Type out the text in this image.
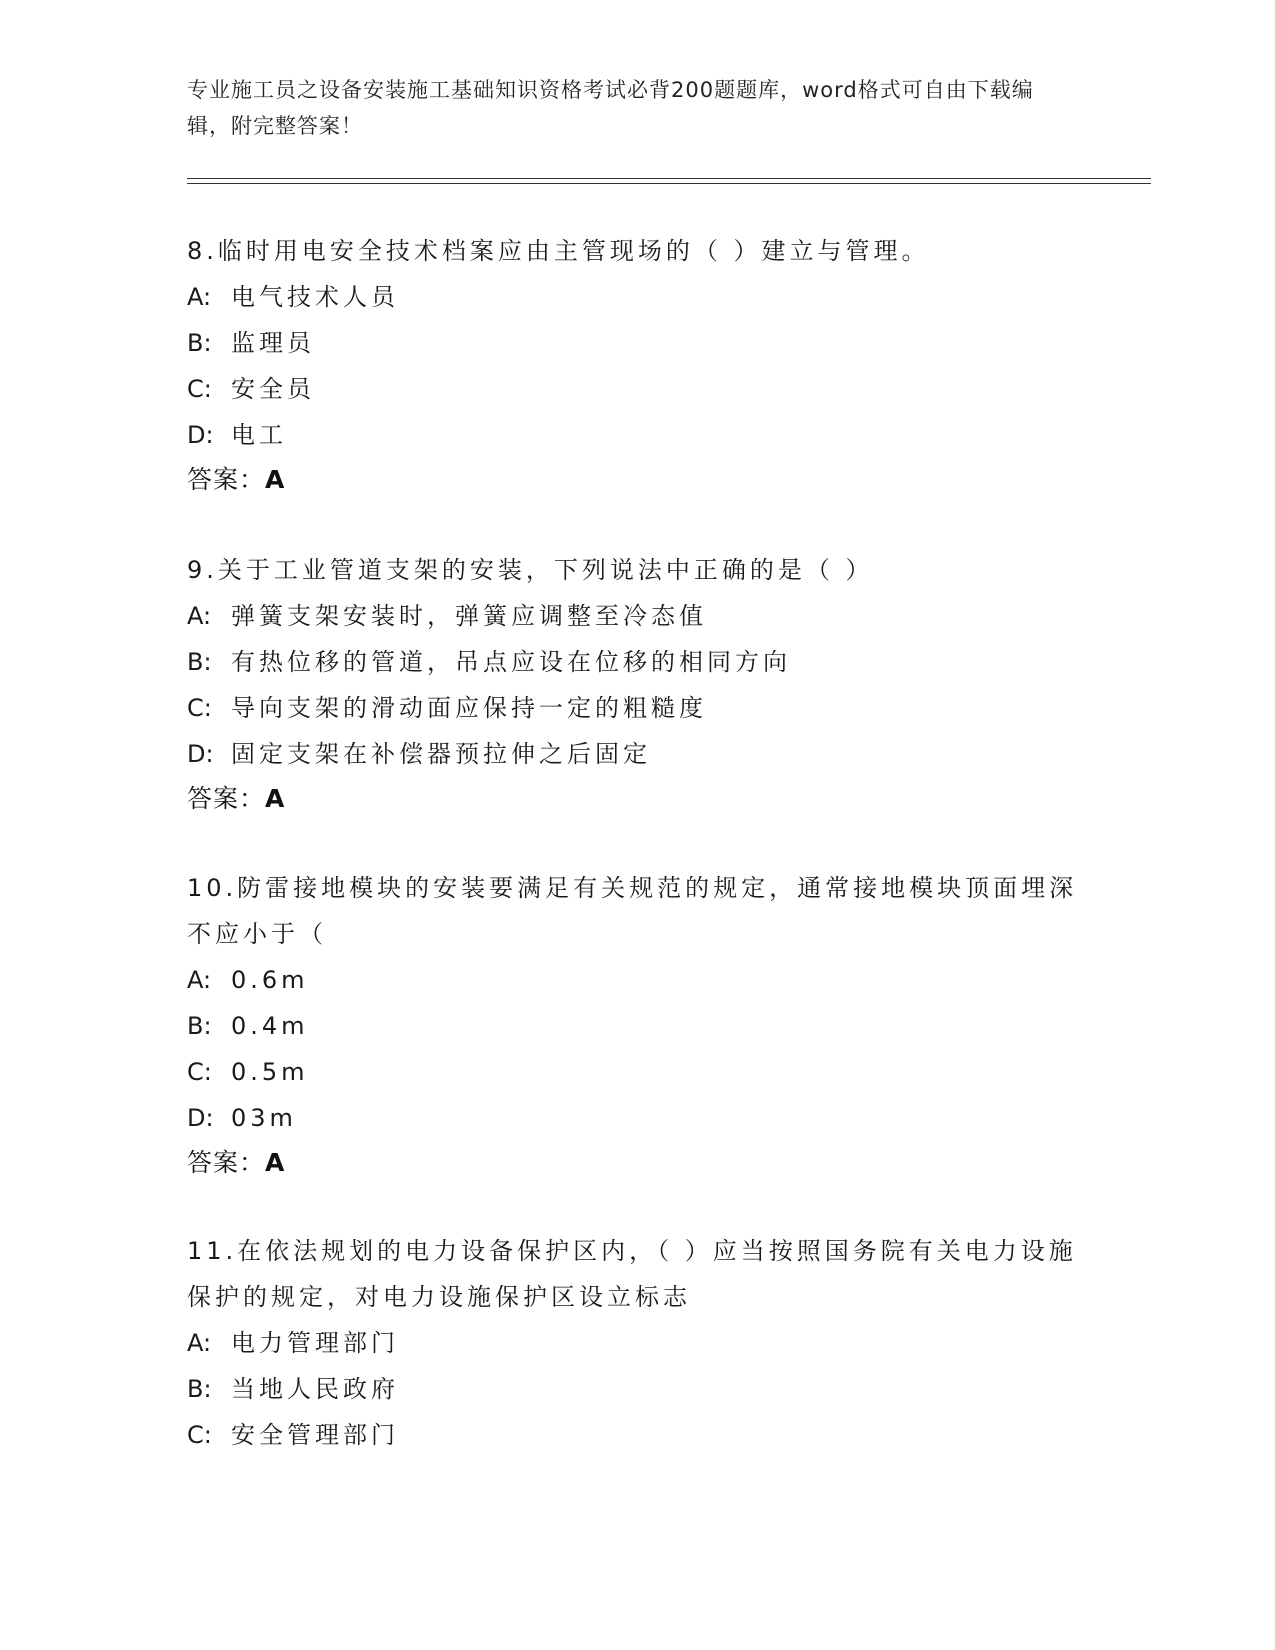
专业施工员之设备安装施工基础知识资格考试必背200题题库，word格式可自由下载编辑，附完整答案！
8.临时用电安全技术档案应由主管现场的（ ）建立与管理。
A: 电气技术人员
B: 监理员
C: 安全员
D: 电工
答案：A
9.关于工业管道支架的安装，下列说法中正确的是（ ）
A: 弹簧支架安装时，弹簧应调整至冷态值
B: 有热位移的管道，吊点应设在位移的相同方向
C: 导向支架的滑动面应保持一定的粗糙度
D: 固定支架在补偿器预拉伸之后固定
答案：A
10.防雷接地模块的安装要满足有关规范的规定，通常接地模块顶面埋深不应小于（
A: 0.6m
B: 0.4m
C: 0.5m
D: 03m
答案：A
11.在依法规划的电力设备保护区内，（ ）应当按照国务院有关电力设施保护的规定，对电力设施保护区设立标志
A: 电力管理部门
B: 当地人民政府
C: 安全管理部门
